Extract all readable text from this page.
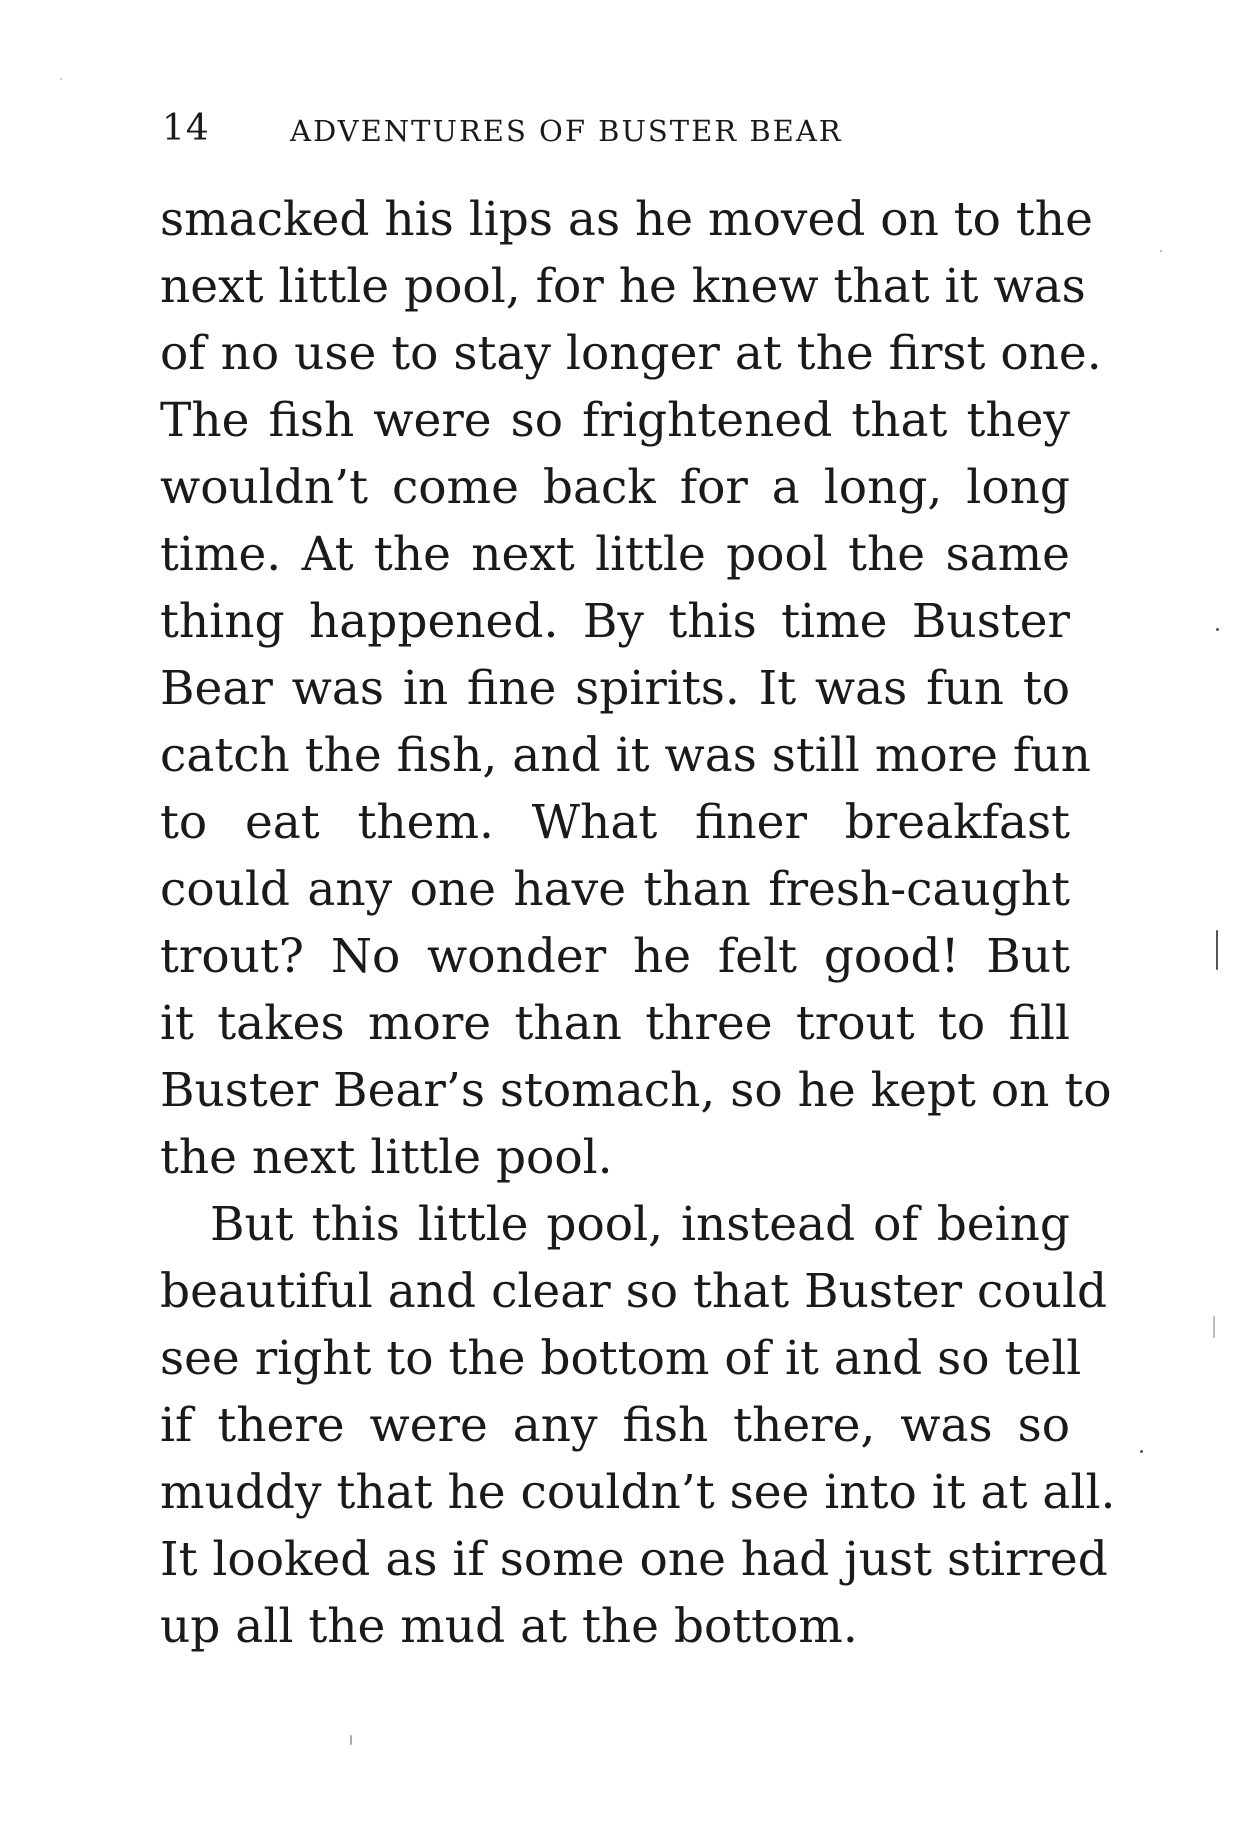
14	ADVENTURES OF BUSTER BEAR
smacked his lips as he moved on to the
next little pool, for he knew that it was
of no use to stay longer at the first one.
The fish were so frightened that they
wouldn’t come back for a long, long
time. At the next little pool the same
thing happened. By this time Buster
Bear was in fine spirits. It was fun to
catch the fish, and it was still more fun
to eat them. What finer breakfast
could any one have than fresh-caught
trout? No wonder he felt good! But
it takes more than three trout to fill
Buster Bear’s stomach, so he kept on to
the next little pool.
But this little pool, instead of being
beautiful and clear so that Buster could
see right to the bottom of it and so tell
if there were any fish there, was so
muddy that he couldn’t see into it at all.
It looked as if some one had just stirred
up all the mud at the bottom.
